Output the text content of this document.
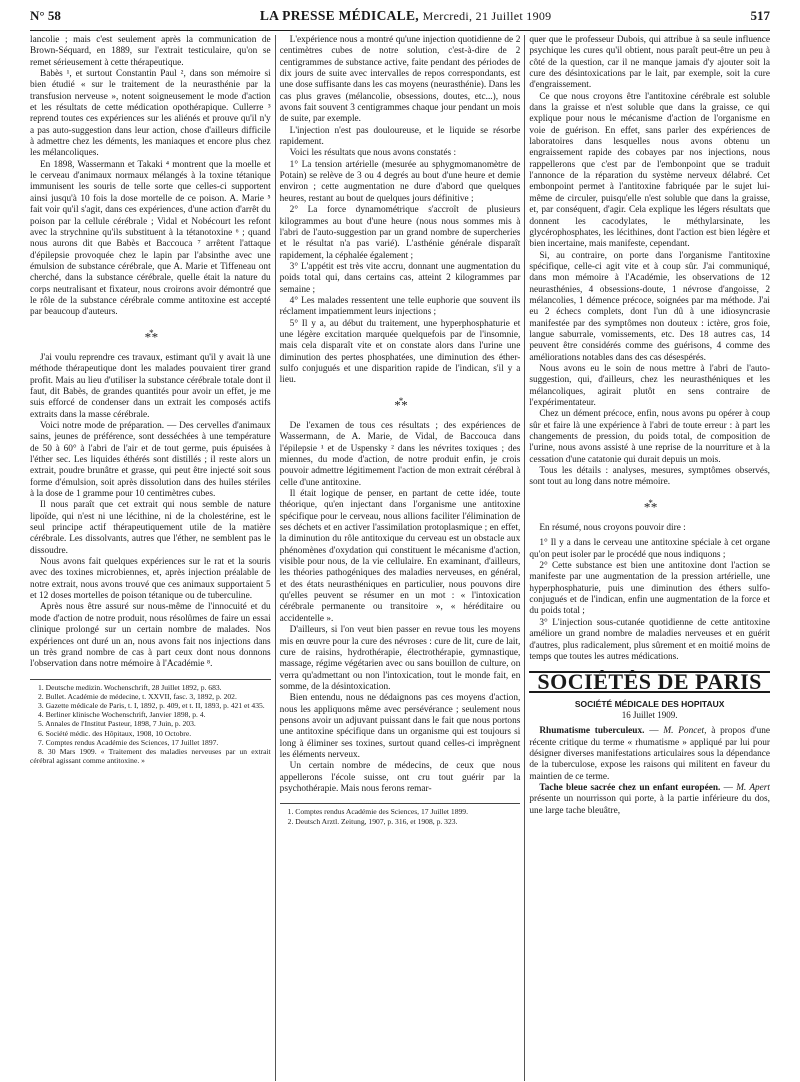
N° 58	LA PRESSE MÉDICALE, Mercredi, 21 Juillet 1909	517

lancolie ; mais c'est seulement après la communication de Brown-Séquard, en 1889, sur l'extrait testiculaire, qu'on se remet sérieusement à cette thérapeutique.

Babès ¹, et surtout Constantin Paul ², dans son mémoire si bien étudié « sur le traitement de la neurasthénie par la transfusion nerveuse », notent soigneusement le mode d'action et les résultats de cette médication opothérapique. Cullerre ³ reprend toutes ces expériences sur les aliénés et prouve qu'il n'y a pas auto-suggestion dans leur action, chose d'ailleurs difficile à admettre chez les déments, les maniaques et encore plus chez les mélancoliques.

En 1898, Wassermann et Takaki ⁴ montrent que la moelle et le cerveau d'animaux normaux mélangés à la toxine tétanique immunisent les souris de telle sorte que celles-ci supportent ainsi jusqu'à 10 fois la dose mortelle de ce poison. A. Marie ⁵ fait voir qu'il s'agit, dans ces expériences, d'une action d'arrêt du poison par la cellule cérébrale ; Vidal et Nobécourt les refont avec la strychnine qu'ils substituent à la tétanotoxine ⁶ ; quand nous aurons dit que Babès et Baccouca ⁷ arrêtent l'attaque d'épilepsie provoquée chez le lapin par l'absinthe avec une émulsion de substance cérébrale, que A. Marie et Tiffeneau ont cherché, dans la substance cérébrale, quelle était la nature du corps neutralisant et fixateur, nous croirons avoir démontré que le rôle de la substance cérébrale comme antitoxine est accepté par beaucoup d'auteurs.

***

J'ai voulu reprendre ces travaux, estimant qu'il y avait là une méthode thérapeutique dont les malades pouvaient tirer grand profit. Mais au lieu d'utiliser la substance cérébrale totale dont il faut, dit Babès, de grandes quantités pour avoir un effet, je me suis efforcé de condenser dans un extrait les composés actifs extraits dans la masse cérébrale.

Voici notre mode de préparation. — Des cervelles d'animaux sains, jeunes de préférence, sont desséchées à une température de 50 à 60° à l'abri de l'air et de tout germe, puis épuisées à l'éther sec. Les liquides éthérés sont distillés ; il reste alors un extrait, poudre brunâtre et grasse, qui peut être injecté soit sous forme d'émulsion, soit après dissolution dans des huiles stériles à la dose de 1 gramme pour 10 centimètres cubes.

Il nous paraît que cet extrait qui nous semble de nature lipoïde, qui n'est ni une lécithine, ni de la cholestérine, est le seul principe actif thérapeutiquement utile de la matière cérébrale. Les dissolvants, autres que l'éther, ne semblent pas le dissoudre.

Nous avons fait quelques expériences sur le rat et la souris avec des toxines microbiennes, et, après injection préalable de notre extrait, nous avons trouvé que ces animaux supportaient 5 et 12 doses mortelles de poison tétanique ou de tuberculine.

Après nous être assuré sur nous-même de l'innocuité et du mode d'action de notre produit, nous résolûmes de faire un essai clinique prolongé sur un certain nombre de malades. Nos expériences ont duré un an, nous avons fait nos injections dans un très grand nombre de cas à part ceux dont nous donnons l'observation dans notre mémoire à l'Académie ⁸.

1. Deutsche medizin. Wochenschrift, 28 Juillet 1892, p. 683.
2. Bullet. Académie de médecine, t. XXVII, fasc. 3, 1892, p. 202.
3. Gazette médicale de Paris, t. I, 1892, p. 409, et t. II, 1893, p. 421 et 435.
4. Berliner klinische Wochenschrift, Janvier 1898, p. 4.
5. Annales de l'Institut Pasteur, 1898, 7 Juin, p. 203.
6. Société médic. des Hôpitaux, 1908, 10 Octobre.
7. Comptes rendus Académie des Sciences, 17 Juillet 1897.
8. 30 Mars 1909. « Traitement des maladies nerveuses par un extrait cérébral agissant comme antitoxine. »

L'expérience nous a montré qu'une injection quotidienne de 2 centimètres cubes de notre solution, c'est-à-dire de 2 centigrammes de substance active, faite pendant des périodes de dix jours de suite avec intervalles de repos correspondants, est une dose suffisante dans les cas moyens (neurasthénie). Dans les cas plus graves (mélancolie, obsessions, doutes, etc...), nous avons fait souvent 3 centigrammes chaque jour pendant un mois de suite, par exemple.

L'injection n'est pas douloureuse, et le liquide se résorbe rapidement.

Voici les résultats que nous avons constatés :

1° La tension artérielle (mesurée au sphygmomanomètre de Potain) se relève de 3 ou 4 degrés au bout d'une heure et demie environ ; cette augmentation ne dure d'abord que quelques heures, restant au bout de quelques jours définitive ;

2° La force dynamométrique s'accroît de plusieurs kilogrammes au bout d'une heure (nous nous sommes mis à l'abri de l'auto-suggestion par un grand nombre de supercheries et le résultat n'a pas varié). L'asthénie générale disparaît rapidement, la céphalée également ;

3° L'appétit est très vite accru, donnant une augmentation du poids total qui, dans certains cas, atteint 2 kilogrammes par semaine ;

4° Les malades ressentent une telle euphorie que souvent ils réclament impatiemment leurs injections ;

5° Il y a, au début du traitement, une hyperphosphaturie et une légère excitation marquée quelquefois par de l'insomnie, mais cela disparaît vite et on constate alors dans l'urine une diminution des pertes phosphatées, une diminution des éther-sulfo conjugués et une disparition rapide de l'indican, s'il y a lieu.

***

De l'examen de tous ces résultats ; des expériences de Wassermann, de A. Marie, de Vidal, de Baccouca dans l'épilepsie ¹ et de Uspensky ² dans les névrites toxiques ; des miennes, du mode d'action, de notre produit enfin, je crois pouvoir admettre légitimement l'action de mon extrait cérébral à celle d'une antitoxine.

Il était logique de penser, en partant de cette idée, toute théorique, qu'en injectant dans l'organisme une antitoxine spécifique pour le cerveau, nous allions faciliter l'élimination de ses déchets et en activer l'assimilation protoplasmique ; en effet, la diminution du rôle antitoxique du cerveau est un obstacle aux phénomènes d'oxydation qui constituent le mécanisme d'action, visible pour nous, de la vie cellulaire. En examinant, d'ailleurs, les théories pathogéniques des maladies nerveuses, en général, et des états neurasthéniques en particulier, nous pouvons dire qu'elles peuvent se résumer en un mot : « l'intoxication cérébrale permanente ou transitoire », « héréditaire ou accidentelle ».

D'ailleurs, si l'on veut bien passer en revue tous les moyens mis en œuvre pour la cure des névroses : cure de lit, cure de lait, cure de raisins, hydrothérapie, électrothérapie, gymnastique, massage, régime végétarien avec ou sans bouillon de culture, on verra qu'admettant ou non l'intoxication, tout le monde fait, en somme, de la désintoxication.

Bien entendu, nous ne dédaignons pas ces moyens d'action, nous les appliquons même avec persévérance ; seulement nous pensons avoir un adjuvant puissant dans le fait que nous portons une antitoxine spécifique dans un organisme qui est toujours si long à éliminer ses toxines, surtout quand celles-ci imprègnent les éléments nerveux.

Un certain nombre de médecins, de ceux que nous appellerons l'école suisse, ont cru tout guérir par la psychothérapie. Mais nous ferons remar-

1. Comptes rendus Académie des Sciences, 17 Juillet 1899.
2. Deutsch Arztl. Zeitung, 1907, p. 316, et 1908, p. 323.

quer que le professeur Dubois, qui attribue à sa seule influence psychique les cures qu'il obtient, nous paraît peut-être un peu à côté de la question, car il ne manque jamais d'y ajouter soit la cure des désintoxications par le lait, par exemple, soit la cure d'engraissement.

Ce que nous croyons être l'antitoxine cérébrale est soluble dans la graisse et n'est soluble que dans la graisse, ce qui explique pour nous le mécanisme d'action de l'organisme en voie de guérison. En effet, sans parler des expériences de laboratoires dans lesquelles nous avons obtenu un engraissement rapide des cobayes par nos injections, nous rappellerons que c'est par de l'embonpoint que se traduit l'annonce de la réparation du système nerveux délabré. Cet embonpoint permet à l'antitoxine fabriquée par le sujet lui-même de circuler, puisqu'elle n'est soluble que dans la graisse, et, par conséquent, d'agir. Cela explique les légers résultats que donnent les cacodylates, le méthylarsinate, les glycérophosphates, les lécithines, dont l'action est bien légère et bien incertaine, mais manifeste, cependant.

Si, au contraire, on porte dans l'organisme l'antitoxine spécifique, celle-ci agit vite et à coup sûr. J'ai communiqué, dans mon mémoire à l'Académie, les observations de 12 neurasthénies, 4 obsessions-doute, 1 névrose d'angoisse, 2 mélancolies, 1 démence précoce, soignées par ma méthode. J'ai eu 2 échecs complets, dont l'un dû à une idiosyncrasie manifestée par des symptômes non douteux : ictère, gros foie, langue saburrale, vomissements, etc. Des 18 autres cas, 14 peuvent être considérés comme des guérisons, 4 comme des améliorations notables dans des cas désespérés.

Nous avons eu le soin de nous mettre à l'abri de l'auto-suggestion, qui, d'ailleurs, chez les neurasthéniques et les mélancoliques, agirait plutôt en sens contraire de l'expérimentateur.

Chez un dément précoce, enfin, nous avons pu opérer à coup sûr et faire là une expérience à l'abri de toute erreur : à part les changements de pression, du poids total, de composition de l'urine, nous avons assisté à une reprise de la nourriture et à la cessation d'une catatonie qui durait depuis un mois.

Tous les détails : analyses, mesures, symptômes observés, sont tout au long dans notre mémoire.

***

En résumé, nous croyons pouvoir dire :

1° Il y a dans le cerveau une antitoxine spéciale à cet organe qu'on peut isoler par le procédé que nous indiquons ;

2° Cette substance est bien une antitoxine dont l'action se manifeste par une augmentation de la pression artérielle, une hyperphosphaturie, puis une diminution des éthers sulfo-conjugués et de l'indican, enfin une augmentation de la force et du poids total ;

3° L'injection sous-cutanée quotidienne de cette antitoxine améliore un grand nombre de maladies nerveuses et en guérit d'autres, plus radicalement, plus sûrement et en moitié moins de temps que toutes les autres médications.

SOCIÉTÉS DE PARIS
SOCIÉTÉ MÉDICALE DES HOPITAUX
16 Juillet 1909.

Rhumatisme tuberculeux. — M. Poncet, à propos d'une récente critique du terme « rhumatisme » appliqué par lui pour désigner diverses manifestations articulaires sous la dépendance de la tuberculose, expose les raisons qui militent en faveur du maintien de ce terme.

Tache bleue sacrée chez un enfant européen. — M. Apert présente un nourrisson qui porte, à la partie inférieure du dos, une large tache bleuâtre,
